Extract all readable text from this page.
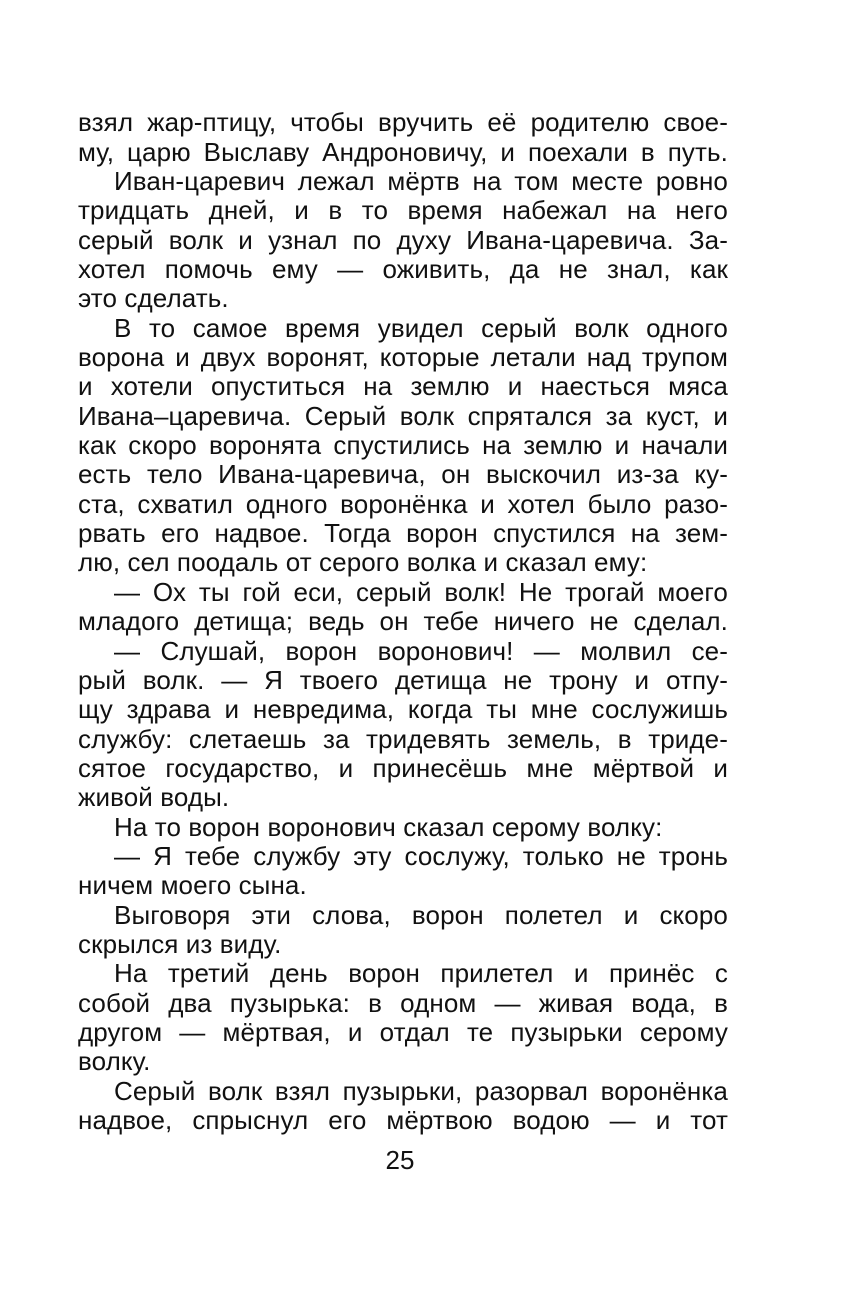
взял жар-птицу, чтобы вручить её родителю свое-
му, царю Выславу Андроновичу, и поехали в путь.
Иван-царевич лежал мёртв на том месте ровно
тридцать дней, и в то время набежал на него
серый волк и узнал по духу Ивана-царевича. За-
хотел помочь ему — оживить, да не знал, как
это сделать.
В то самое время увидел серый волк одного
ворона и двух воронят, которые летали над трупом
и хотели опуститься на землю и наесться мяса
Ивана–царевича. Серый волк спрятался за куст, и
как скоро воронята спустились на землю и начали
есть тело Ивана-царевича, он выскочил из-за ку-
ста, схватил одного воронёнка и хотел было разо-
рвать его надвое. Тогда ворон спустился на зем-
лю, сел поодаль от серого волка и сказал ему:
— Ох ты гой еси, серый волк! Не трогай моего
младого детища; ведь он тебе ничего не сделал.
— Слушай, ворон воронович! — молвил се-
рый волк. — Я твоего детища не трону и отпу-
щу здрава и невредима, когда ты мне сослужишь
службу: слетаешь за тридевять земель, в триде-
сятое государство, и принесёшь мне мёртвой и
живой воды.
На то ворон воронович сказал серому волку:
— Я тебе службу эту сослужу, только не тронь
ничем моего сына.
Выговоря эти слова, ворон полетел и скоро
скрылся из виду.
На третий день ворон прилетел и принёс с
собой два пузырька: в одном — живая вода, в
другом — мёртвая, и отдал те пузырьки серому
волку.
Серый волк взял пузырьки, разорвал воронёнка
надвое, спрыснул его мёртвою водою — и тот
25
